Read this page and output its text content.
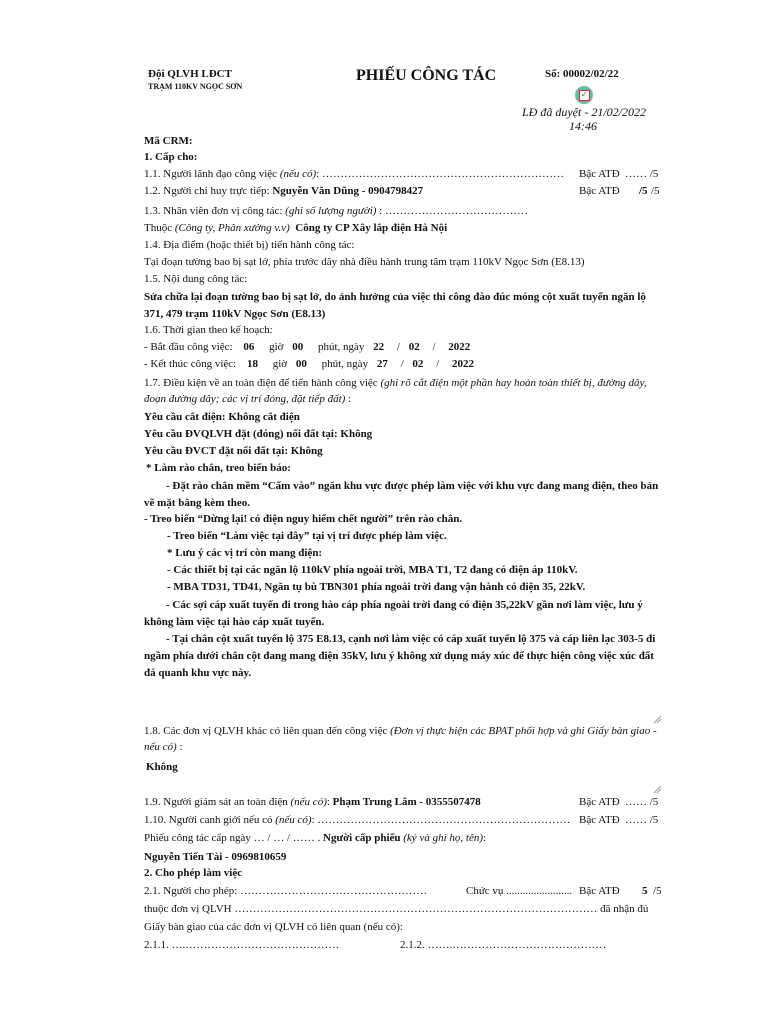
Đội QLVH LĐCT
TRẠM 110KV NGỌC SƠN
PHIẾU CÔNG TÁC	Số: 00002/02/22
✓
LĐ đã duyệt - 21/02/2022
14:46
Mã CRM:
1. Cấp cho:
1.1. Người lãnh đạo công việc (nếu có): ………………………………………………………… Bậc ATĐ …… /5
1.2. Người chỉ huy trực tiếp: Nguyễn Văn Dũng - 0904798427	Bậc ATĐ /5 /5
1.3. Nhân viên đơn vị công tác: (ghi số lượng người) : …………………………………
Thuộc (Công ty, Phân xưởng v.v) Công ty CP Xây lắp điện Hà Nội
1.4. Địa điểm (hoặc thiết bị) tiến hành công tác:
Tại đoạn tường bao bị sạt lở, phía trước dãy nhà điều hành trung tâm trạm 110kV Ngọc Sơn (E8.13)
1.5. Nội dung công tác:
Sửa chữa lại đoạn tường bao bị sạt lở, do ảnh hưởng của việc thi công đào đúc móng cột xuất tuyến ngăn lộ 371, 479 trạm 110kV Ngọc Sơn (E8.13)
1.6. Thời gian theo kế hoạch:
- Bắt đầu công việc: 06 giờ 00 phút, ngày 22 / 02 / 2022
- Kết thúc công việc: 18 giờ 00 phút, ngày 27 / 02 / 2022
1.7. Điều kiện về an toàn điện để tiến hành công việc (ghi rõ cắt điện một phần hay hoàn toàn thiết bị, đường dây, đoạn đường dây; các vị trí đóng, đặt tiếp đất) :
Yêu cầu cắt điện: Không cắt điện
Yêu cầu ĐVQLVH đặt (đóng) nối đất tại: Không
Yêu cầu ĐVCT đặt nối đất tại: Không
* Làm rào chắn, treo biển báo:
- Đặt rào chắn mềm “Cấm vào” ngăn khu vực được phép làm việc với khu vực đang mang điện, theo bản vẽ mặt bằng kèm theo.
- Treo biển “Dừng lại! có điện nguy hiểm chết người” trên rào chắn.
- Treo biển “Làm việc tại đây” tại vị trí được phép làm việc.
* Lưu ý các vị trí còn mang điện:
- Các thiết bị tại các ngăn lộ 110kV phía ngoài trời, MBA T1, T2 đang có điện áp 110kV.
- MBA TD31, TD41, Ngăn tụ bù TBN301 phía ngoài trời đang vận hành có điện 35, 22kV.
- Các sợi cáp xuất tuyến đi trong hào cáp phía ngoài trời đang có điện 35,22kV gần nơi làm việc, lưu ý không làm việc tại hào cáp xuất tuyến.
- Tại chân cột xuất tuyến lộ 375 E8.13, cạnh nơi làm việc có cáp xuất tuyến lộ 375 và cáp liên lạc 303-5 đi ngầm phía dưới chân cột đang mang điện 35kV, lưu ý không xử dụng máy xúc để thực hiện công việc xúc đất đá quanh khu vực này.
1.8. Các đơn vị QLVH khác có liên quan đến công việc (Đơn vị thực hiện các BPAT phối hợp và ghi Giấy bàn giao - nếu có) :
Không
1.9. Người giám sát an toàn điện (nếu có): Phạm Trung Lâm - 0355507478	Bậc ATĐ …… /5
1.10. Người canh giới nếu có (nếu có): …………………………………………………………… Bậc ATĐ …… /5
Phiếu công tác cấp ngày … / … / …… . Người cấp phiếu (ký và ghi họ, tên):
Nguyễn Tiến Tài - 0969810659
2. Cho phép làm việc
2.1. Người cho phép: ……………………………………………	Chức vụ ........................ Bậc ATĐ 5 /5
thuộc đơn vị QLVH ……………………………………………………………………………………… đã nhận đủ
Giấy bàn giao của các đơn vị QLVH có liên quan (nếu có):
2.1.1. ….……………………………………	2.1.2. …….……………………………………
